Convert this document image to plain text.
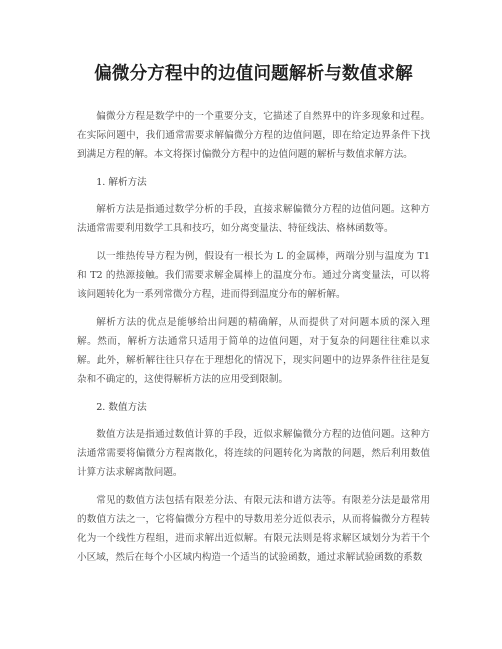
偏微分方程中的边值问题解析与数值求解

偏微分方程是数学中的一个重要分支，它描述了自然界中的许多现象和过程。在实际问题中，我们通常需要求解偏微分方程的边值问题，即在给定边界条件下找到满足方程的解。本文将探讨偏微分方程中的边值问题的解析与数值求解方法。

1. 解析方法

解析方法是指通过数学分析的手段，直接求解偏微分方程的边值问题。这种方法通常需要利用数学工具和技巧，如分离变量法、特征线法、格林函数等。

以一维热传导方程为例，假设有一根长为 L 的金属棒，两端分别与温度为 T1 和 T2 的热源接触。我们需要求解金属棒上的温度分布。通过分离变量法，可以将该问题转化为一系列常微分方程，进而得到温度分布的解析解。

解析方法的优点是能够给出问题的精确解，从而提供了对问题本质的深入理解。然而，解析方法通常只适用于简单的边值问题，对于复杂的问题往往难以求解。此外，解析解往往只存在于理想化的情况下，现实问题中的边界条件往往是复杂和不确定的，这使得解析方法的应用受到限制。

2. 数值方法

数值方法是指通过数值计算的手段，近似求解偏微分方程的边值问题。这种方法通常需要将偏微分方程离散化，将连续的问题转化为离散的问题，然后利用数值计算方法求解离散问题。

常见的数值方法包括有限差分法、有限元法和谱方法等。有限差分法是最常用的数值方法之一，它将偏微分方程中的导数用差分近似表示，从而将偏微分方程转化为一个线性方程组，进而求解出近似解。有限元法则是将求解区域划分为若干个小区域，然后在每个小区域内构造一个适当的试验函数，通过求解试验函数的系数
